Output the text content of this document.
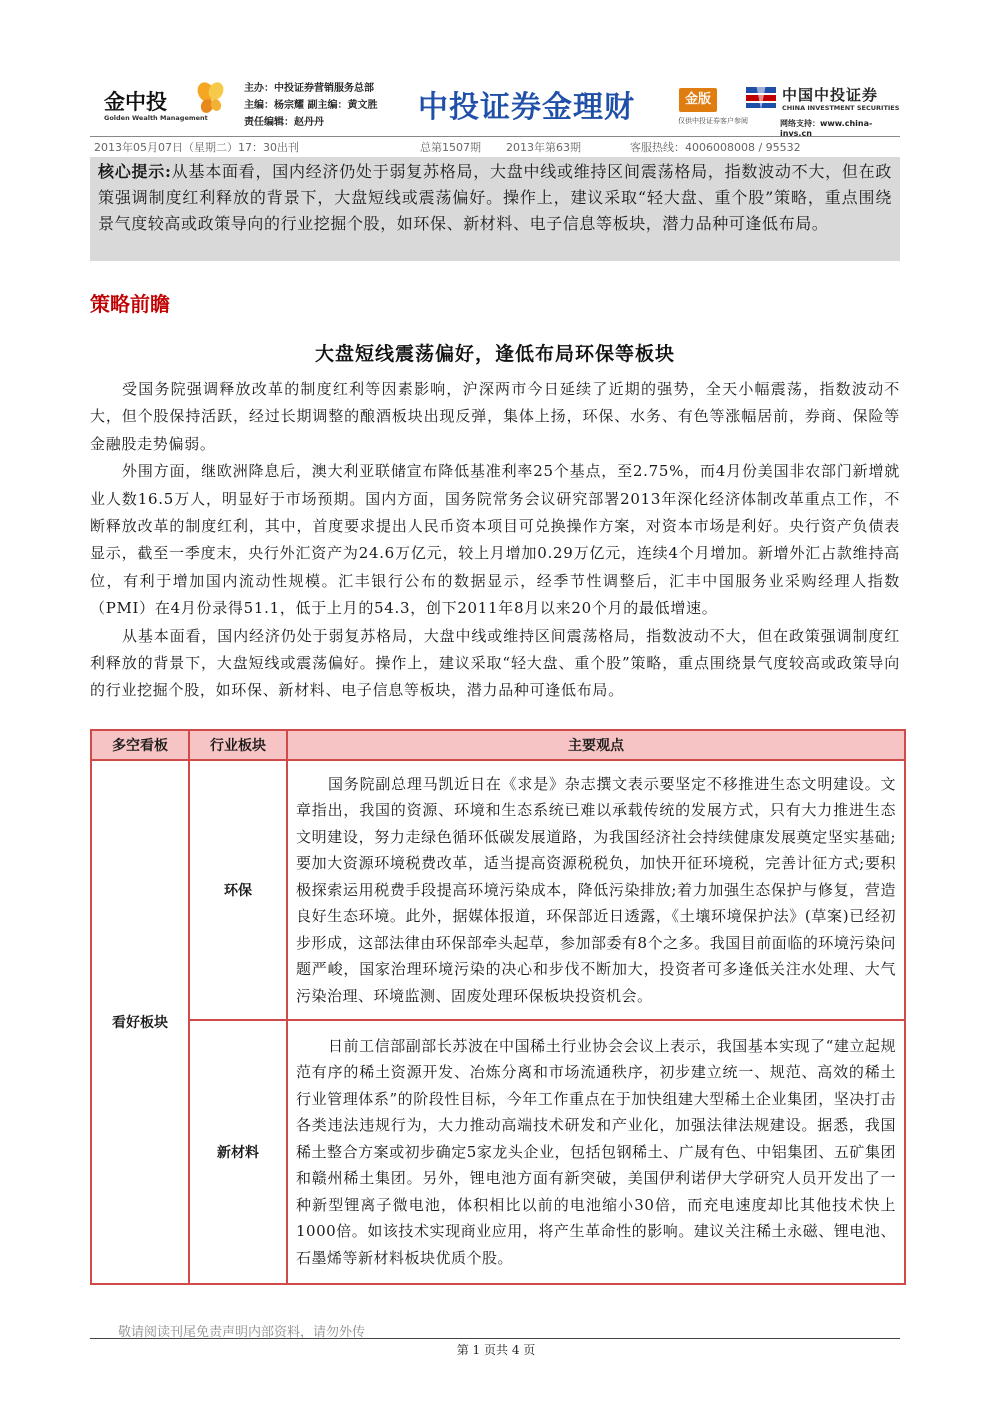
金中投
Golden Wealth Management
主办：中投证券营销服务总部
主编：杨宗耀 副主编：黄文胜
责任编辑：赵丹丹	中投证券金理财	金版
仅供中投证券客户参阅
中国中投证券
CHINA INVESTMENT SECURITIES
网络支持：www.china-invs.cn
2013年05月07日（星期二）17：30出刊	总第1507期 2013年第63期	客服热线：4006008008 / 95532

核心提示:从基本面看，国内经济仍处于弱复苏格局，大盘中线或维持区间震荡格局，指数波动不大，但在政策强调制度红利释放的背景下，大盘短线或震荡偏好。操作上，建议采取“轻大盘、重个股”策略，重点围绕景气度较高或政策导向的行业挖掘个股，如环保、新材料、电子信息等板块，潜力品种可逢低布局。

策略前瞻
大盘短线震荡偏好，逢低布局环保等板块

受国务院强调释放改革的制度红利等因素影响，沪深两市今日延续了近期的强势，全天小幅震荡，指数波动不大，但个股保持活跃，经过长期调整的酿酒板块出现反弹，集体上扬，环保、水务、有色等涨幅居前，券商、保险等金融股走势偏弱。

外围方面，继欧洲降息后，澳大利亚联储宣布降低基准利率25个基点，至2.75%，而4月份美国非农部门新增就业人数16.5万人，明显好于市场预期。国内方面，国务院常务会议研究部署2013年深化经济体制改革重点工作，不断释放改革的制度红利，其中，首度要求提出人民币资本项目可兑换操作方案，对资本市场是利好。央行资产负债表显示，截至一季度末，央行外汇资产为24.6万亿元，较上月增加0.29万亿元，连续4个月增加。新增外汇占款维持高位，有利于增加国内流动性规模。汇丰银行公布的数据显示，经季节性调整后，汇丰中国服务业采购经理人指数（PMI）在4月份录得51.1，低于上月的54.3，创下2011年8月以来20个月的最低增速。

从基本面看，国内经济仍处于弱复苏格局，大盘中线或维持区间震荡格局，指数波动不大，但在政策强调制度红利释放的背景下，大盘短线或震荡偏好。操作上，建议采取“轻大盘、重个股”策略，重点围绕景气度较高或政策导向的行业挖掘个股，如环保、新材料、电子信息等板块，潜力品种可逢低布局。

多空看板	行业板块	主要观点
看好板块	环保	国务院副总理马凯近日在《求是》杂志撰文表示要坚定不移推进生态文明建设。文章指出，我国的资源、环境和生态系统已难以承载传统的发展方式，只有大力推进生态文明建设，努力走绿色循环低碳发展道路，为我国经济社会持续健康发展奠定坚实基础;要加大资源环境税费改革，适当提高资源税税负，加快开征环境税，完善计征方式;要积极探索运用税费手段提高环境污染成本，降低污染排放;着力加强生态保护与修复，营造良好生态环境。此外，据媒体报道，环保部近日透露，《土壤环境保护法》(草案)已经初步形成，这部法律由环保部牵头起草，参加部委有8个之多。我国目前面临的环境污染问题严峻，国家治理环境污染的决心和步伐不断加大，投资者可多逢低关注水处理、大气污染治理、环境监测、固废处理环保板块投资机会。

	新材料	日前工信部副部长苏波在中国稀土行业协会会议上表示，我国基本实现了“建立起规范有序的稀土资源开发、冶炼分离和市场流通秩序，初步建立统一、规范、高效的稀土行业管理体系”的阶段性目标，今年工作重点在于加快组建大型稀土企业集团，坚决打击各类违法违规行为，大力推动高端技术研发和产业化，加强法律法规建设。据悉，我国稀土整合方案或初步确定5家龙头企业，包括包钢稀土、广晟有色、中铝集团、五矿集团和赣州稀土集团。另外，锂电池方面有新突破，美国伊利诺伊大学研究人员开发出了一种新型锂离子微电池，体积相比以前的电池缩小30倍，而充电速度却比其他技术快上1000倍。如该技术实现商业应用，将产生革命性的影响。建议关注稀土永磁、锂电池、石墨烯等新材料板块优质个股。

敬请阅读刊尾免责声明内部资料，请勿外传
第 1 页共 4 页
